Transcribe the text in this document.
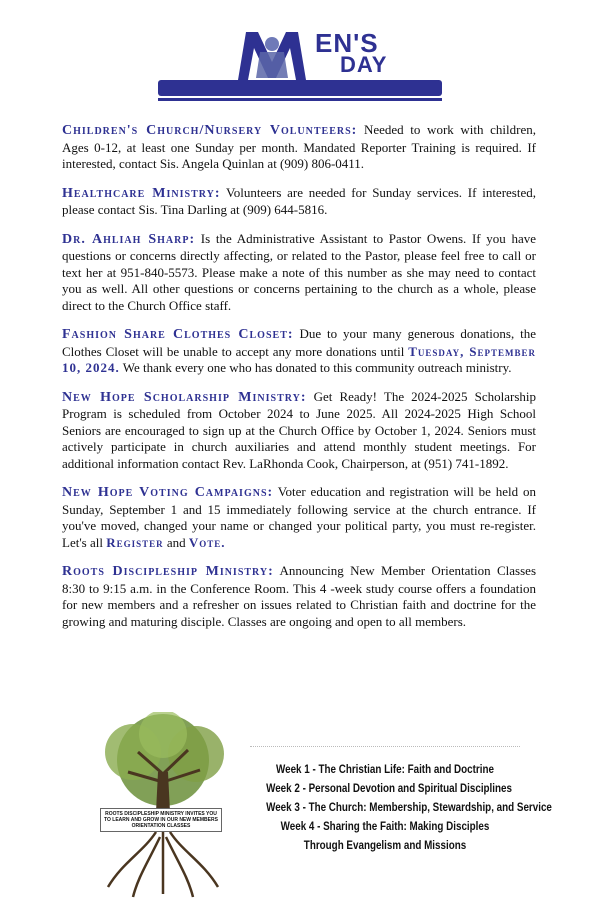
EN'S
DAY

Children's Church/Nursery Volunteers: Needed to work with children, Ages 0-12, at least one Sunday per month. Mandated Reporter Training is required. If interested, contact Sis. Angela Quinlan at (909) 806-0411.

Healthcare Ministry: Volunteers are needed for Sunday services. If interested, please contact Sis. Tina Darling at (909) 644-5816.

Dr. Ahliah Sharp: Is the Administrative Assistant to Pastor Owens. If you have questions or concerns directly affecting, or related to the Pastor, please feel free to call or text her at 951-840-5573. Please make a note of this number as she may need to contact you as well. All other questions or concerns pertaining to the church as a whole, please direct to the Church Office staff.

Fashion Share Clothes Closet: Due to your many generous donations, the Clothes Closet will be unable to accept any more donations until Tuesday, September 10, 2024. We thank every one who has donated to this community outreach ministry.

New Hope Scholarship Ministry: Get Ready! The 2024-2025 Scholarship Program is scheduled from October 2024 to June 2025. All 2024-2025 High School Seniors are encouraged to sign up at the Church Office by October 1, 2024. Seniors must actively participate in church auxiliaries and attend monthly student meetings. For additional information contact Rev. LaRhonda Cook, Chairperson, at (951) 741-1892.

New Hope Voting Campaigns: Voter education and registration will be held on Sunday, September 1 and 15 immediately following service at the church entrance. If you've moved, changed your name or changed your political party, you must re-register. Let's all Register and Vote.

Roots Discipleship Ministry: Announcing New Member Orientation Classes 8:30 to 9:15 a.m. in the Conference Room. This 4 -week study course offers a foundation for new members and a refresher on issues related to Christian faith and doctrine for the growing and maturing disciple. Classes are ongoing and open to all members.

ROOTS DISCIPLESHIP MINISTRY INVITES YOU TO LEARN AND GROW IN OUR NEW MEMBERS ORIENTATION CLASSES
Week 1 - The Christian Life: Faith and Doctrine
Week 2 - Personal Devotion and Spiritual Disciplines
Week 3 - The Church: Membership, Stewardship, and Service
Week 4 - Sharing the Faith: Making Disciples
Through Evangelism and Missions
